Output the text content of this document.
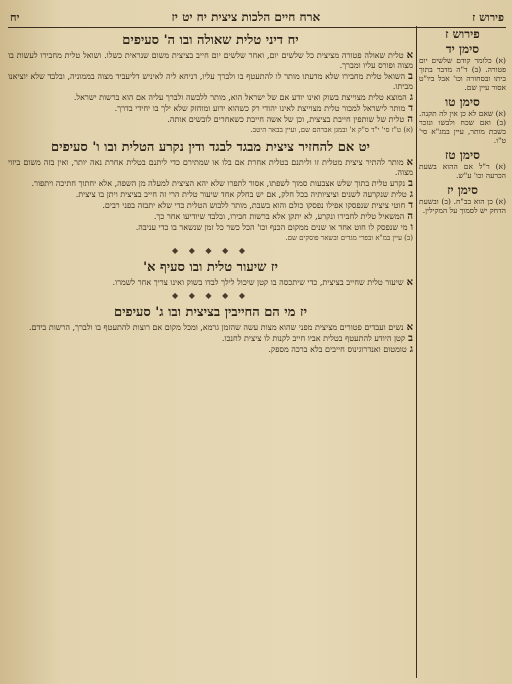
פירוש ז
ארח חיים הלכות ציצית יח יט יז
יח
יח דיני טלית שאולה ובו ה' סעיפים

אטלית שאולה פטורה מציצית כל שלשים יום, ואחר שלשים יום חייב בציצית משום שנראית כשלו. ושואל טלית מחבירו לעשות בו מצוה ופורס עליו ומברך.

בהשואל טלית מחבירו שלא מדעתו מותר לו להתעטף בו ולברך עליו, דניחא ליה לאיניש דליעביד מצוה בממוניה, ובלבד שלא יוציאנו מביתו.

גהמוצא טלית מצוייצת בשוק ואינו יודע אם של ישראל הוא, מותר ללבשה ולברך עליה אם הוא ברשות ישראל.

דמותר לישראל למכור טלית מצוייצת לאינו יהודי רק כשהוא ידוע ומוחזק שלא ילך בו יחידי בדרך.

הטלית של שותפין חייבת בציצית, וכן של אשה חייבת כשאחרים לובשים אותה.

(א) ט"ז סי' י"ד ס"ק א' ובמגן אברהם שם, ועיין בבאר היטב.

יט אם להחזיר ציצית מבגד לבגד ודין נקרע הטלית ובו ו' סעיפים

אמותר להתיר ציצית מטלית זו וליתנם בטלית אחרת אם בלו או שמתירם כדי ליתנם בטלית אחרת נאה יותר, ואין בזה משום ביזוי מצוה.

בנקרע טלית בתוך שלש אצבעות סמוך לשפתו, אסור לתפרו שלא יהא הציצית למעלה מן השפה, אלא יחתוך חתיכה ויתפור.

גטלית שנקרעה לשנים וציציותיה בכל חלק, אם יש בחלק אחד שיעור טלית הרי זה חייב בציצית ויתן בו ציצית.

דחוטי ציצית שנפסקו אפילו נפסקו כולם והוא בשבת, מותר ללבוש הטלית כדי שלא יתבזה בפני רבים.

ההמשאיל טלית לחבירו ונקרע, לא יתקן אלא ברשות חבירו, ובלבד שיודיעו אחר כך.

ומי שנפסק לו חוט אחד או שנים ממקום הכנף וכו' הכל כשר כל זמן שנשאר בו כדי עניבה.

(ב) עיין במ"א ובפרי מגדים ובשאר פוסקים שם.

◆ ◆ ◆ ◆ ◆
יז שיעור טלית ובו סעיף א'

אשיעור טלית שחייב בציצית, כדי שיתכסה בו קטן שיכול לילך לבדו בשוק ואינו צריך אחר לשמרו.

◆ ◆ ◆ ◆ ◆
יז מי הם החייבין בציצית ובו ג' סעיפים

אנשים ועבדים פטורים מציצית מפני שהוא מצות עשה שהזמן גרמא, ומכל מקום אם רוצות להתעטף בו ולברך, הרשות בידם.

בקטן היודע להתעטף בטלית אביו חייב לקנות לו ציצית לחנכו.

גטומטום ואנדרוגינוס חייבים בלא ברכה מספק.

פירוש ז
סימן יד

(א) כלומר קודם שלשים יום פטורה. (ב) ד"ה מדבר בתוך ביתו ובסחורה וכו' אבל ביו"ט אסור עיין שם.

סימן טו

(א) שאם לא כן אין לה תקנה. (ב) ואם שכח ולבשו ונזכר בשבת מותר, עיין במג"א סי' ט"ו.

סימן טז

(א) ר"ל אם ההוא בשעת הכרעה וכו' ע"ש.

סימן יז

(א) כן הוא בב"ח. (ב) ובשעת הדחק יש לסמוך על המקילין.
